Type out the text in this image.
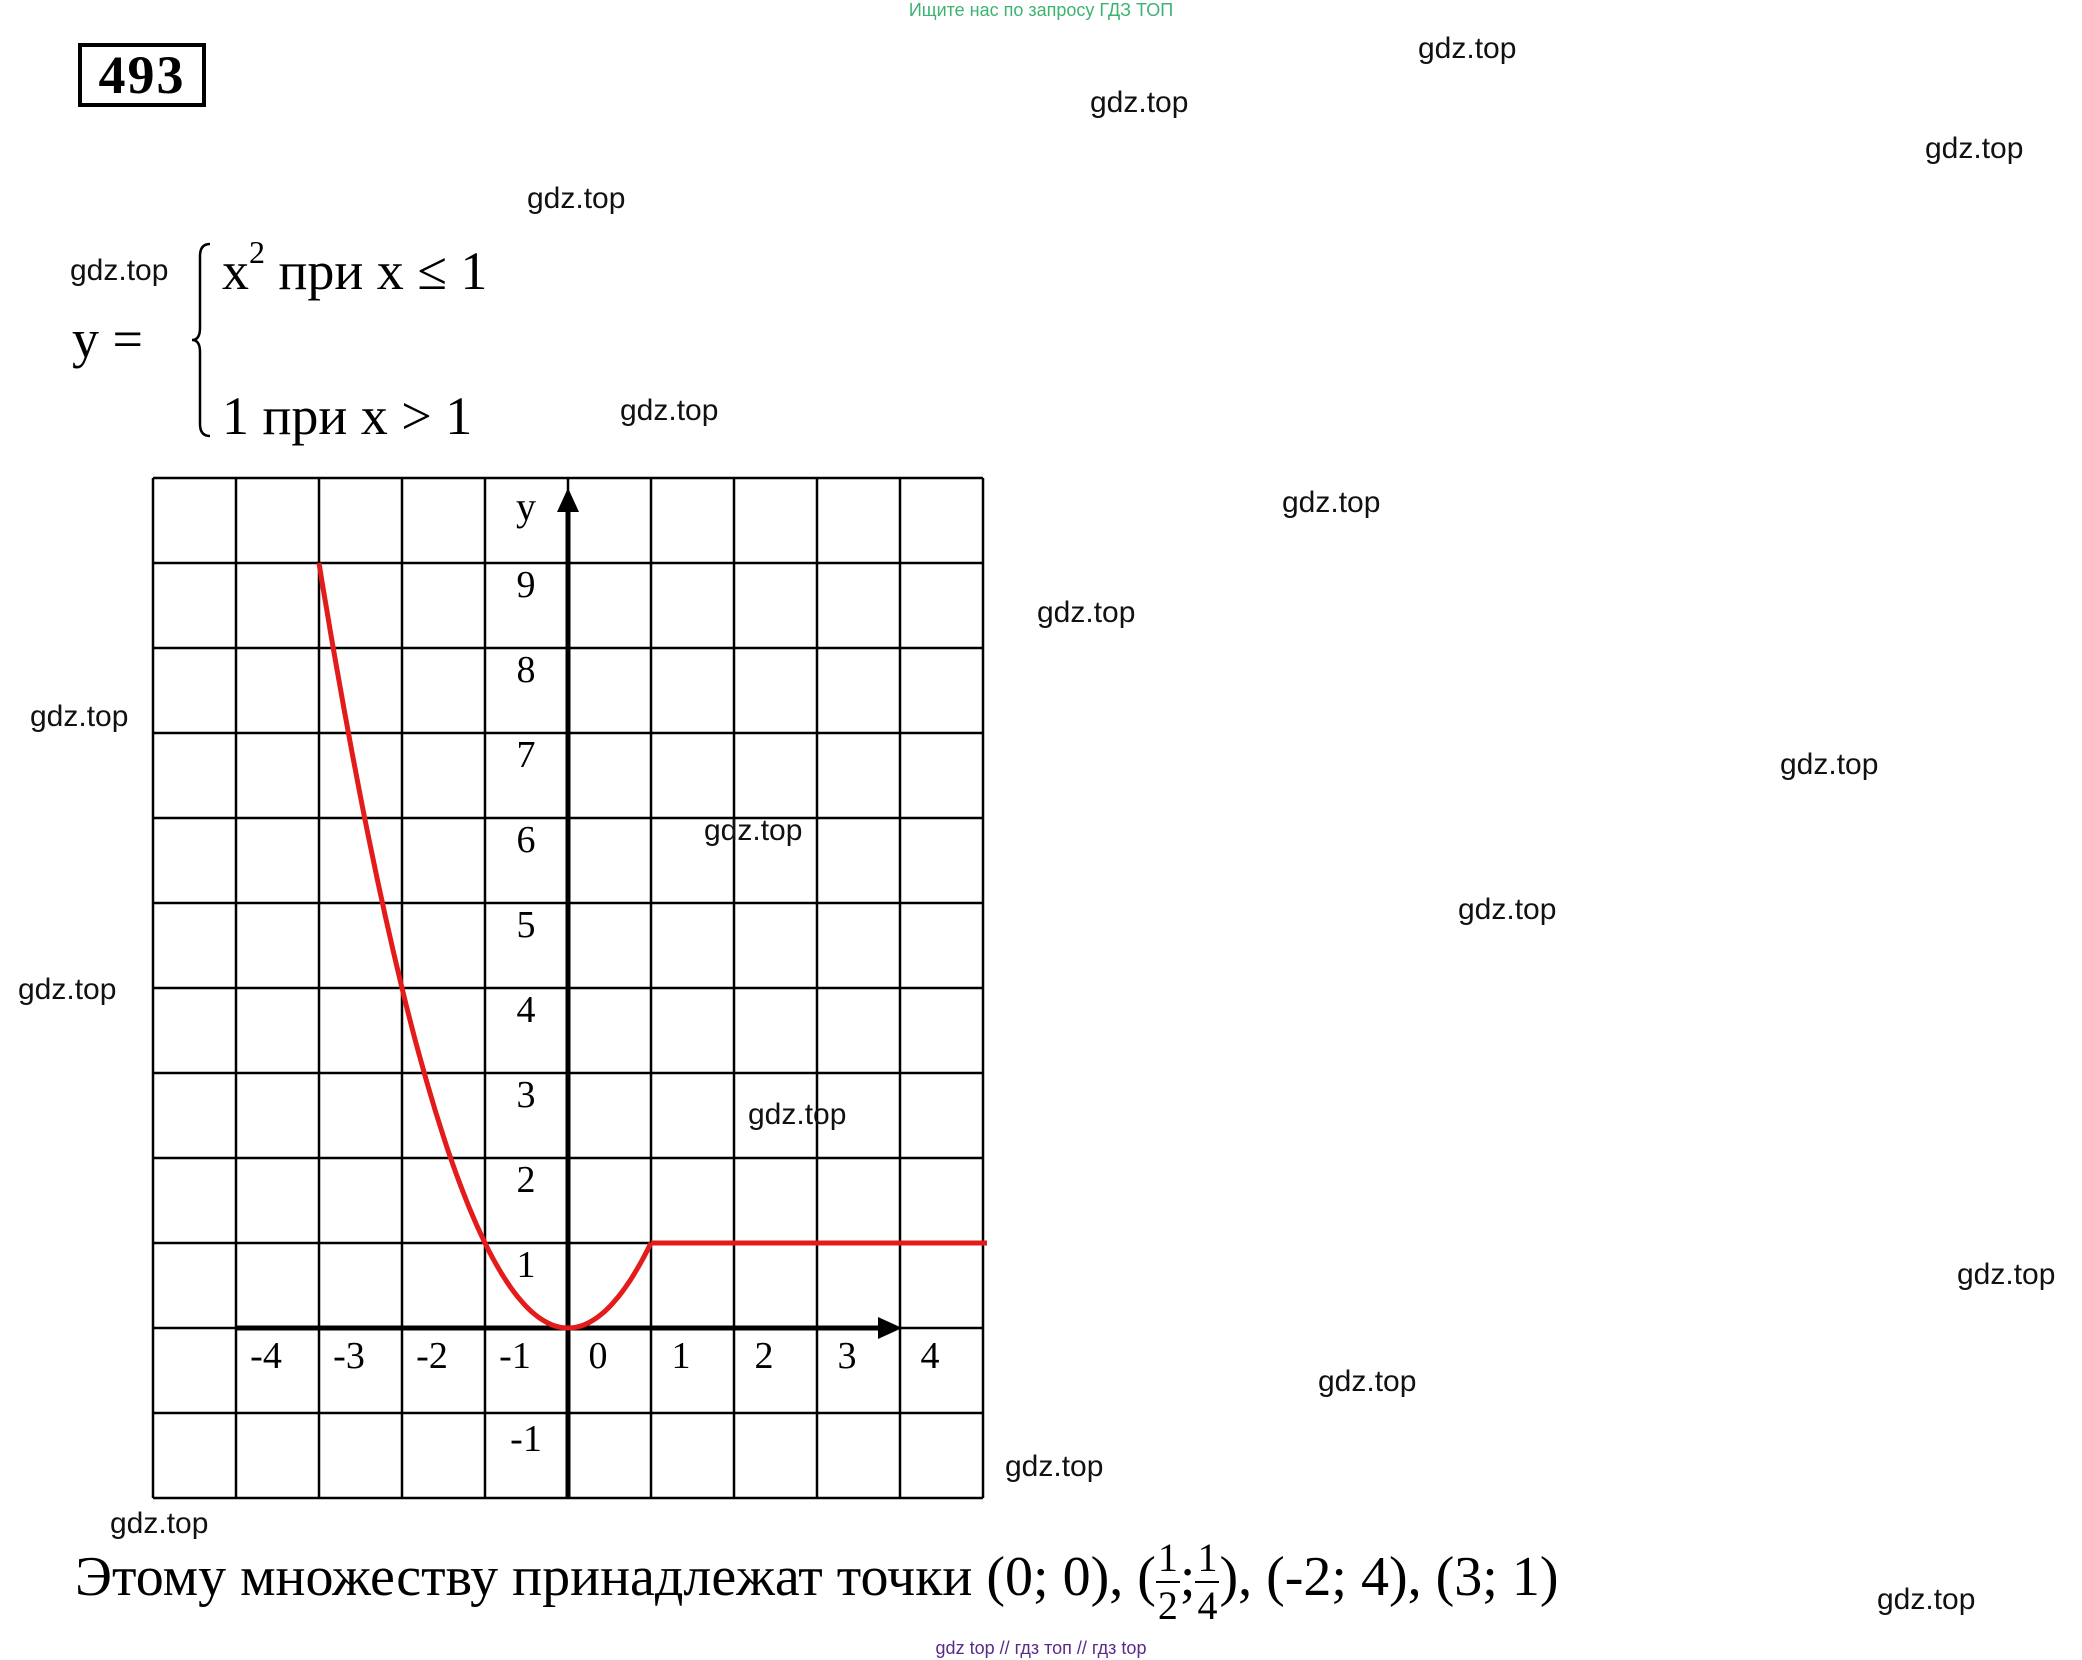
Ищите нас по запросу ГДЗ ТОП
493
y =
$x^2$ при x ≤ 1
1 при x > 1
y
-4 -3 -2 -1 0 1 2 3 4
9
8
7
6
5
4
3
2
1
-1
Этому множеству принадлежат точки (0; 0), ( $\frac{1}{2}$ ; $\frac{1}{4}$ ), (-2; 4), (3; 1)
gdz.top
gdz.top
gdz.top
gdz.top
gdz.top
gdz.top
gdz.top
gdz.top
gdz.top
gdz.top
gdz.top
gdz.top
gdz.top
gdz.top
gdz.top
gdz.top
gdz.top
gdz.top
gdz.top
gdz top // гдз топ // гдз top
